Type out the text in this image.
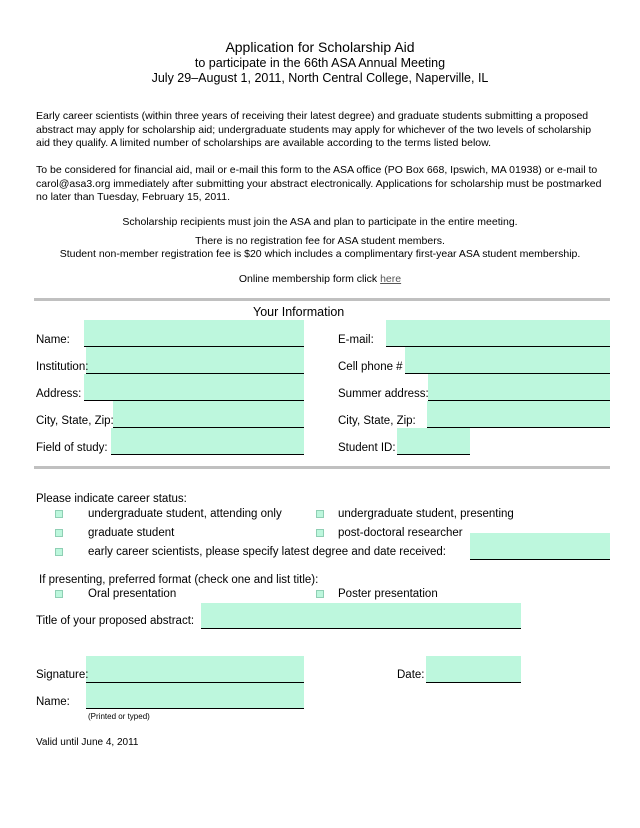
Application for Scholarship Aid
to participate in the 66th ASA Annual Meeting
July 29–August 1, 2011, North Central College, Naperville, IL
Early career scientists (within three years of receiving their latest degree) and graduate students submitting a proposed abstract may apply for scholarship aid; undergraduate students may apply for whichever of the two levels of scholarship aid they qualify. A limited number of scholarships are available according to the terms listed below.
To be considered for financial aid, mail or e-mail this form to the ASA office (PO Box 668, Ipswich, MA 01938) or e-mail to carol@asa3.org immediately after submitting your abstract electronically. Applications for scholarship must be postmarked no later than Tuesday, February 15, 2011.
Scholarship recipients must join the ASA and plan to participate in the entire meeting.
There is no registration fee for ASA student members.
Student non-member registration fee is $20 which includes a complimentary first-year ASA student membership.
Online membership form click here
Your Information
Name:	E-mail:
Institution:	Cell phone #
Address:	Summer address:
City, State, Zip:	City, State, Zip:
Field of study:	Student ID:
Please indicate career status:
undergraduate student, attending only	undergraduate student, presenting
graduate student	post-doctoral researcher
early career scientists, please specify latest degree and date received:
If presenting, preferred format (check one and list title):
Oral presentation	Poster presentation
Title of your proposed abstract:
Signature:	Date:
Name:
(Printed or typed)
Valid until June 4, 2011
